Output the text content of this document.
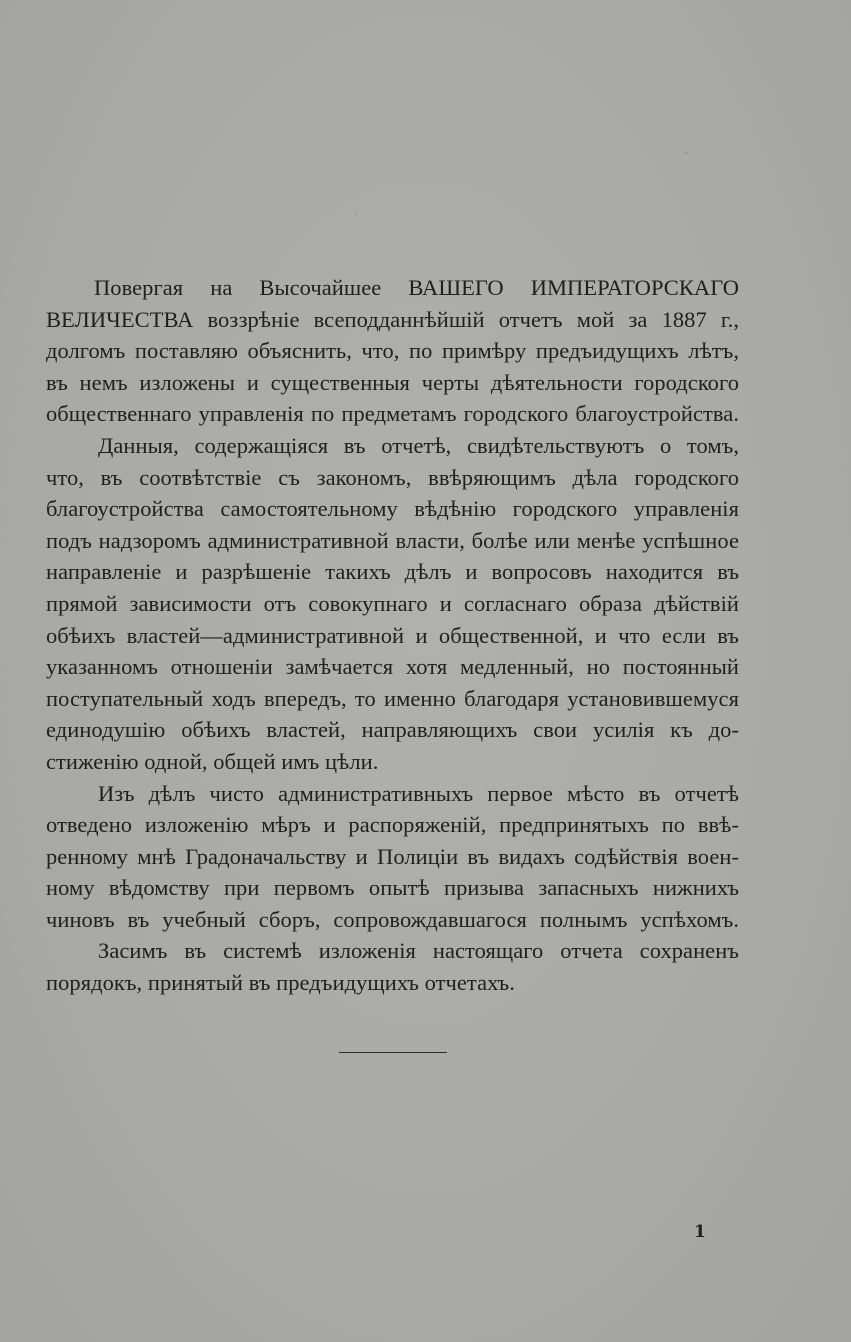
Повергая на Высочайшее ВАШЕГО ИМПЕРАТОРСКАГО
ВЕЛИЧЕСТВА воззрѣніе всеподданнѣйшій отчетъ мой за 1887 г.,
долгомъ поставляю объяснить, что, по примѣру предъидущихъ лѣтъ,
въ немъ изложены и существенныя черты дѣятельности городского
общественнаго управленія по предметамъ городского благоустройства.
Данныя, содержащіяся въ отчетѣ, свидѣтельствуютъ о томъ,
что, въ соотвѣтствіе съ закономъ, ввѣряющимъ дѣла городского
благоустройства самостоятельному вѣдѣнію городского управленія
подъ надзоромъ административной власти, болѣе или менѣе успѣшное
направленіе и разрѣшеніе такихъ дѣлъ и вопросовъ находится въ
прямой зависимости отъ совокупнаго и согласнаго образа дѣйствій
обѣихъ властей—административной и общественной, и что если въ
указанномъ отношеніи замѣчается хотя медленный, но постоянный
поступательный ходъ впередъ, то именно благодаря установившемуся
единодушію обѣихъ властей, направляющихъ свои усилія къ до-
стиженію одной, общей имъ цѣли.
Изъ дѣлъ чисто административныхъ первое мѣсто въ отчетѣ
отведено изложенію мѣръ и распоряженій, предпринятыхъ по ввѣ-
ренному мнѣ Градоначальству и Полиціи въ видахъ содѣйствія воен-
ному вѣдомству при первомъ опытѣ призыва запасныхъ нижнихъ
чиновъ въ учебный сборъ, сопровождавшагося полнымъ успѣхомъ.
Засимъ въ системѣ изложенія настоящаго отчета сохраненъ
порядокъ, принятый въ предъидущихъ отчетахъ.
1
